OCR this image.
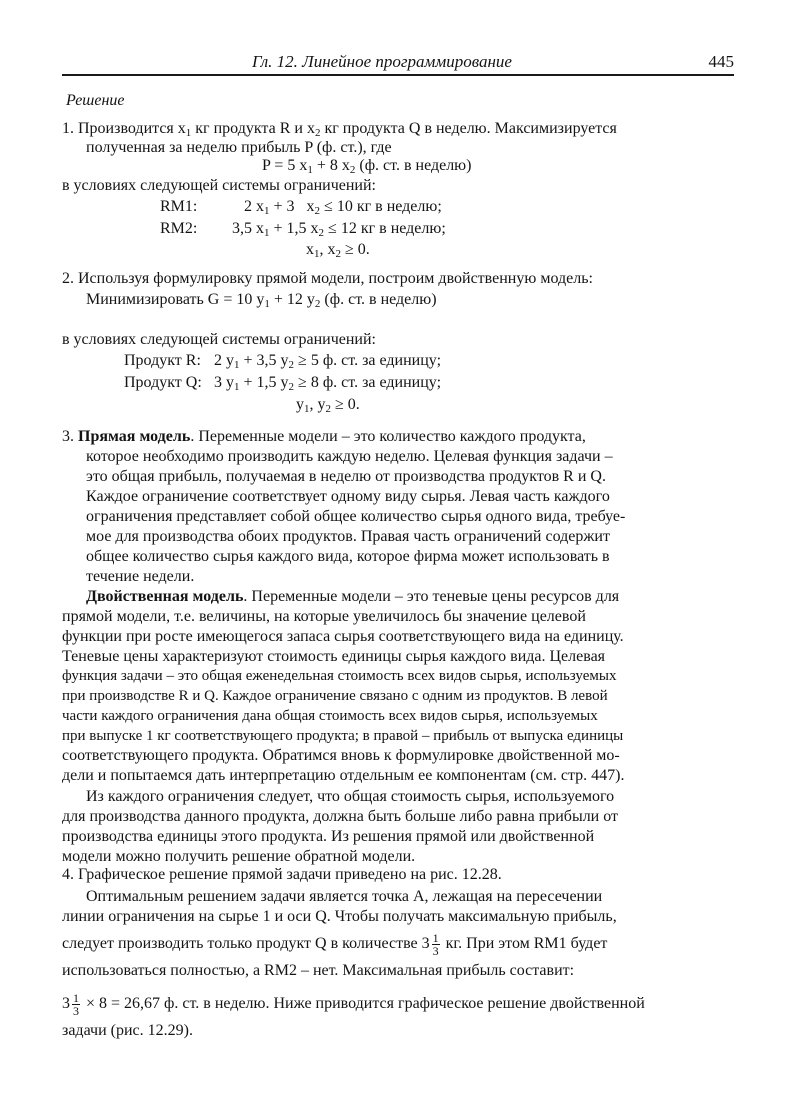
Гл. 12. Линейное программирование	445
Решение
1. Производится $x_1$ кг продукта R и $x_2$ кг продукта Q в неделю. Максимизируется
полученная за неделю прибыль P (ф. ст.), где
P = 5 $x_1 + 8$ $x_2$ (ф. ст. в неделю)
в условиях следующей системы ограничений:
RM1:	2 $x_1 + 3$   $x_2 \le 10$ кг в неделю;
RM2: 3,5 $x_1 + 1,5$ $x_2 \le 12$ кг в неделю;
$x_1$, $x_2 \ge 0$.
2. Используя формулировку прямой модели, построим двойственную модель:
Минимизировать G = 10 $y_1 + 12$ $y_2$ (ф. ст. в неделю)
в условиях следующей системы ограничений:
Продукт R: 2 $y_1 + 3,5$ $y_2 \ge 5$ ф. ст. за единицу;
Продукт Q: 3 $y_1 + 1,5$ $y_2 \ge 8$ ф. ст. за единицу;
$y_1$, $y_2 \ge 0$.
3. Прямая модель. Переменные модели – это количество каждого продукта,
которое необходимо производить каждую неделю. Целевая функция задачи –
это общая прибыль, получаемая в неделю от производства продуктов R и Q.
Каждое ограничение соответствует одному виду сырья. Левая часть каждого
ограничения представляет собой общее количество сырья одного вида, требуе-
мое для производства обоих продуктов. Правая часть ограничений содержит
общее количество сырья каждого вида, которое фирма может использовать в
течение недели.
Двойственная модель. Переменные модели – это теневые цены ресурсов для
прямой модели, т.е. величины, на которые увеличилось бы значение целевой
функции при росте имеющегося запаса сырья соответствующего вида на единицу.
Теневые цены характеризуют стоимость единицы сырья каждого вида. Целевая
функция задачи – это общая еженедельная стоимость всех видов сырья, используемых
при производстве R и Q. Каждое ограничение связано с одним из продуктов. В левой
части каждого ограничения дана общая стоимость всех видов сырья, используемых
при выпуске 1 кг соответствующего продукта; в правой – прибыль от выпуска единицы
соответствующего продукта. Обратимся вновь к формулировке двойственной мо-
дели и попытаемся дать интерпретацию отдельным ее компонентам (см. стр. 447).
Из каждого ограничения следует, что общая стоимость сырья, используемого
для производства данного продукта, должна быть больше либо равна прибыли от
производства единицы этого продукта. Из решения прямой или двойственной
модели можно получить решение обратной модели.
4. Графическое решение прямой задачи приведено на рис. 12.28.
Оптимальным решением задачи является точка A, лежащая на пересечении
линии ограничения на сырье 1 и оси Q. Чтобы получать максимальную прибыль,
следует производить только продукт Q в количестве $3 \frac{1}{3}$ кг. При этом RM1 будет
использоваться полностью, а RM2 – нет. Максимальная прибыль составит:
$3 \frac{1}{3} \times 8 = 26,67$ ф. ст. в неделю. Ниже приводится графическое решение двойственной
задачи (рис. 12.29).
